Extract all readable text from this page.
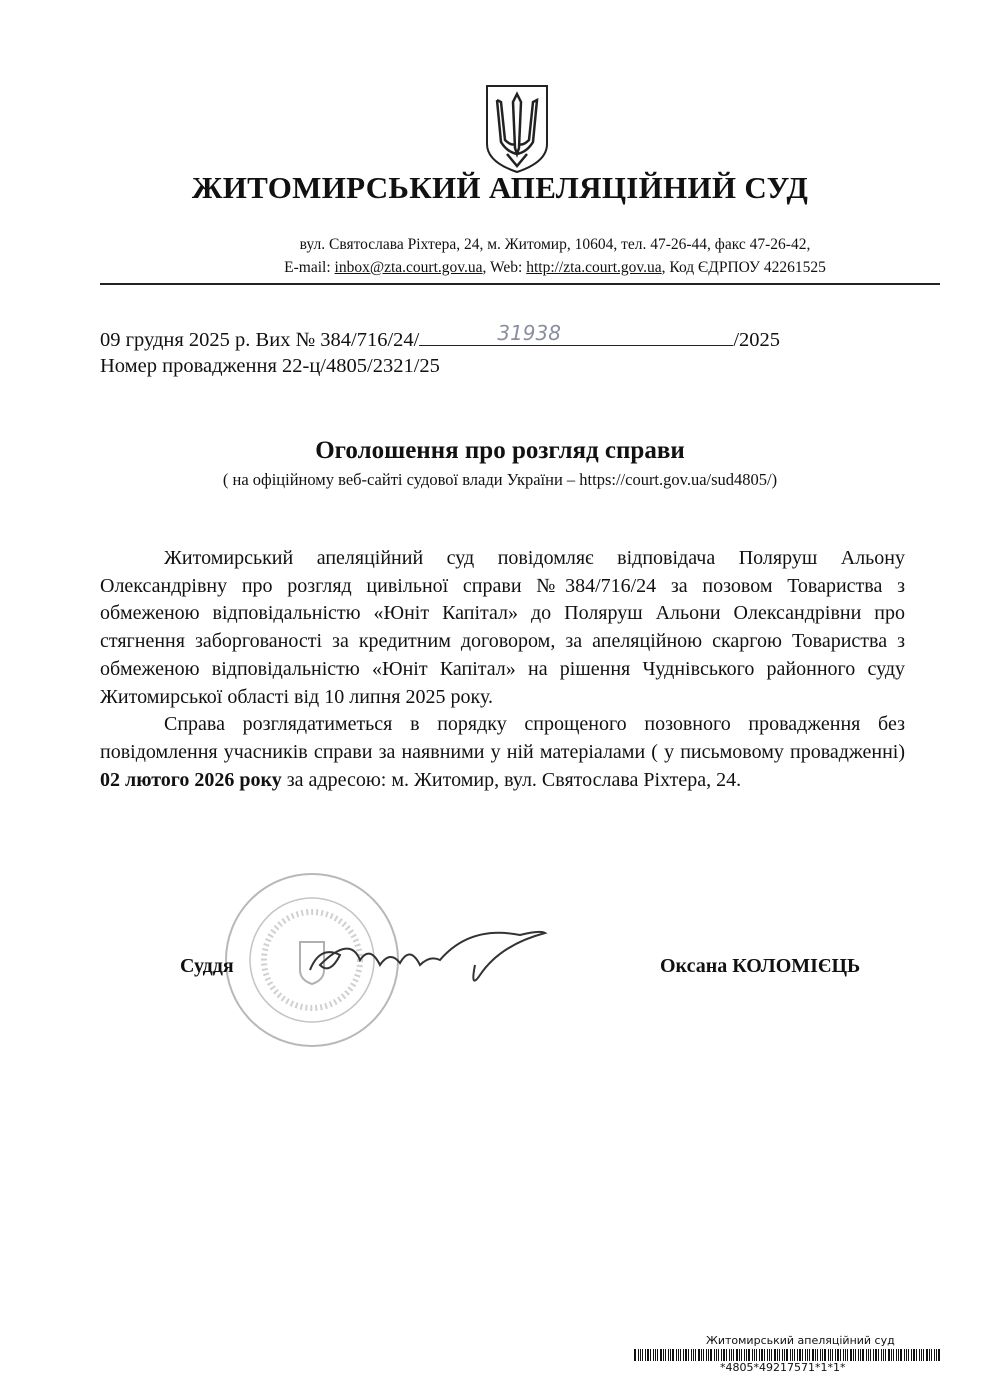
ЖИТОМИРСЬКИЙ АПЕЛЯЦІЙНИЙ СУД
вул. Святослава Ріхтера, 24, м. Житомир, 10604, тел. 47-26-44, факс 47-26-42,
E-mail: inbox@zta.court.gov.ua, Web: http://zta.court.gov.ua, Код ЄДРПОУ 42261525
09 грудня 2025 р. Вих № 384/716/24/	31938	/2025
Номер провадження 22-ц/4805/2321/25
Оголошення про розгляд справи
( на офіційному веб-сайті судової влади України – https://court.gov.ua/sud4805/)

Житомирський апеляційний суд повідомляє відповідача Поляруш Альону Олександрівну про розгляд цивільної справи №384/716/24 за позовом Товариства з обмеженою відповідальністю «Юніт Капітал» до Поляруш Альони Олександрівни про стягнення заборгованості за кредитним договором, за апеляційною скаргою Товариства з обмеженою відповідальністю «Юніт Капітал» на рішення Чуднівського районного суду Житомирської області від 10 липня 2025 року.

Справа розглядатиметься в порядку спрощеного позовного провадження без повідомлення учасників справи за наявними у ній матеріалами ( у письмовому провадженні) 02 лютого 2026 року за адресою: м. Житомир, вул. Святослава Ріхтера, 24.

Суддя	Оксана КОЛОМІЄЦЬ
Житомирський апеляційний суд
*4805*49217571*1*1*
